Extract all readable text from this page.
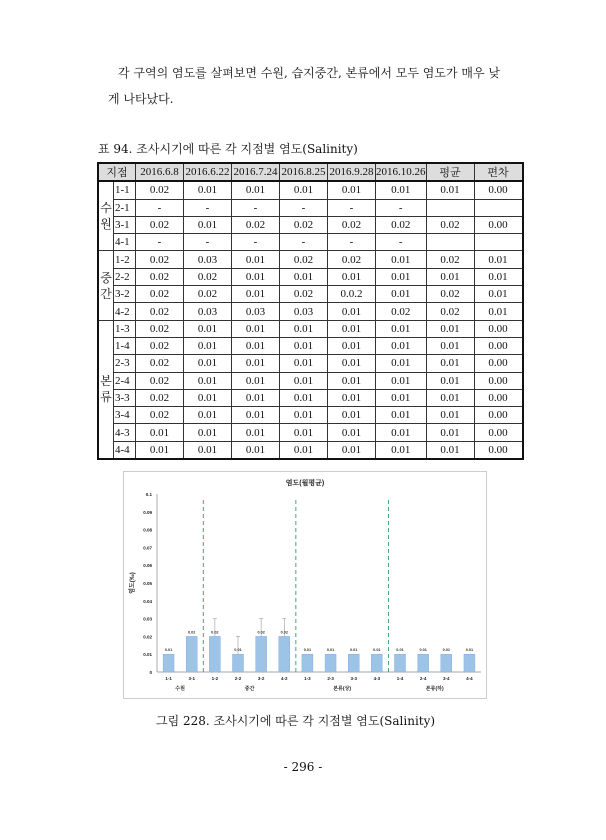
각 구역의 염도를 살펴보면 수원, 습지중간, 본류에서 모두 염도가 매우 낮
게 나타났다.
표 94. 조사시기에 따른 각 지점별 염도(Salinity)
지점		2016.6.8	2016.6.22	2016.7.24	2016.8.25	2016.9.28	2016.10.26	평균	편차

수
원	1-1	0.02	0.01	0.01	0.01	0.01	0.01	0.01	0.00
	2-1	-	-	-	-	-	-		
	3-1	0.02	0.01	0.02	0.02	0.02	0.02	0.02	0.00
	4-1	-	-	-	-	-	-		

중
간	1-2	0.02	0.03	0.01	0.02	0.02	0.01	0.02	0.01
	2-2	0.02	0.02	0.01	0.01	0.01	0.01	0.01	0.01
	3-2	0.02	0.02	0.01	0.02	0.0.2	0.01	0.02	0.01
	4-2	0.02	0.03	0.03	0.03	0.01	0.02	0.02	0.01

본
류	1-3	0.02	0.01	0.01	0.01	0.01	0.01	0.01	0.00
	1-4	0.02	0.01	0.01	0.01	0.01	0.01	0.01	0.00
	2-3	0.02	0.01	0.01	0.01	0.01	0.01	0.01	0.00
	2-4	0.02	0.01	0.01	0.01	0.01	0.01	0.01	0.00
	3-3	0.02	0.01	0.01	0.01	0.01	0.01	0.01	0.00
	3-4	0.02	0.01	0.01	0.01	0.01	0.01	0.01	0.00
	4-3	0.01	0.01	0.01	0.01	0.01	0.01	0.01	0.00
	4-4	0.01	0.01	0.01	0.01	0.01	0.01	0.01	0.00
염도(월평균)
0
0.01
0.02
0.03
0.04
0.05
0.06
0.07
0.08
0.09
0.1
염도(‰)
0.01
1-1
0.02
3-1
0.02
1-2
0.01
2-2
0.02
3-2
0.02
4-2
0.01
1-3
0.01
2-3
0.01
3-3
0.01
4-3
0.01
1-4
0.01
2-4
0.01
3-4
0.01
4-4
수원	중간	본류(상)	본류(하)
그림 228. 조사시기에 따른 각 지점별 염도(Salinity)
- 296 -
